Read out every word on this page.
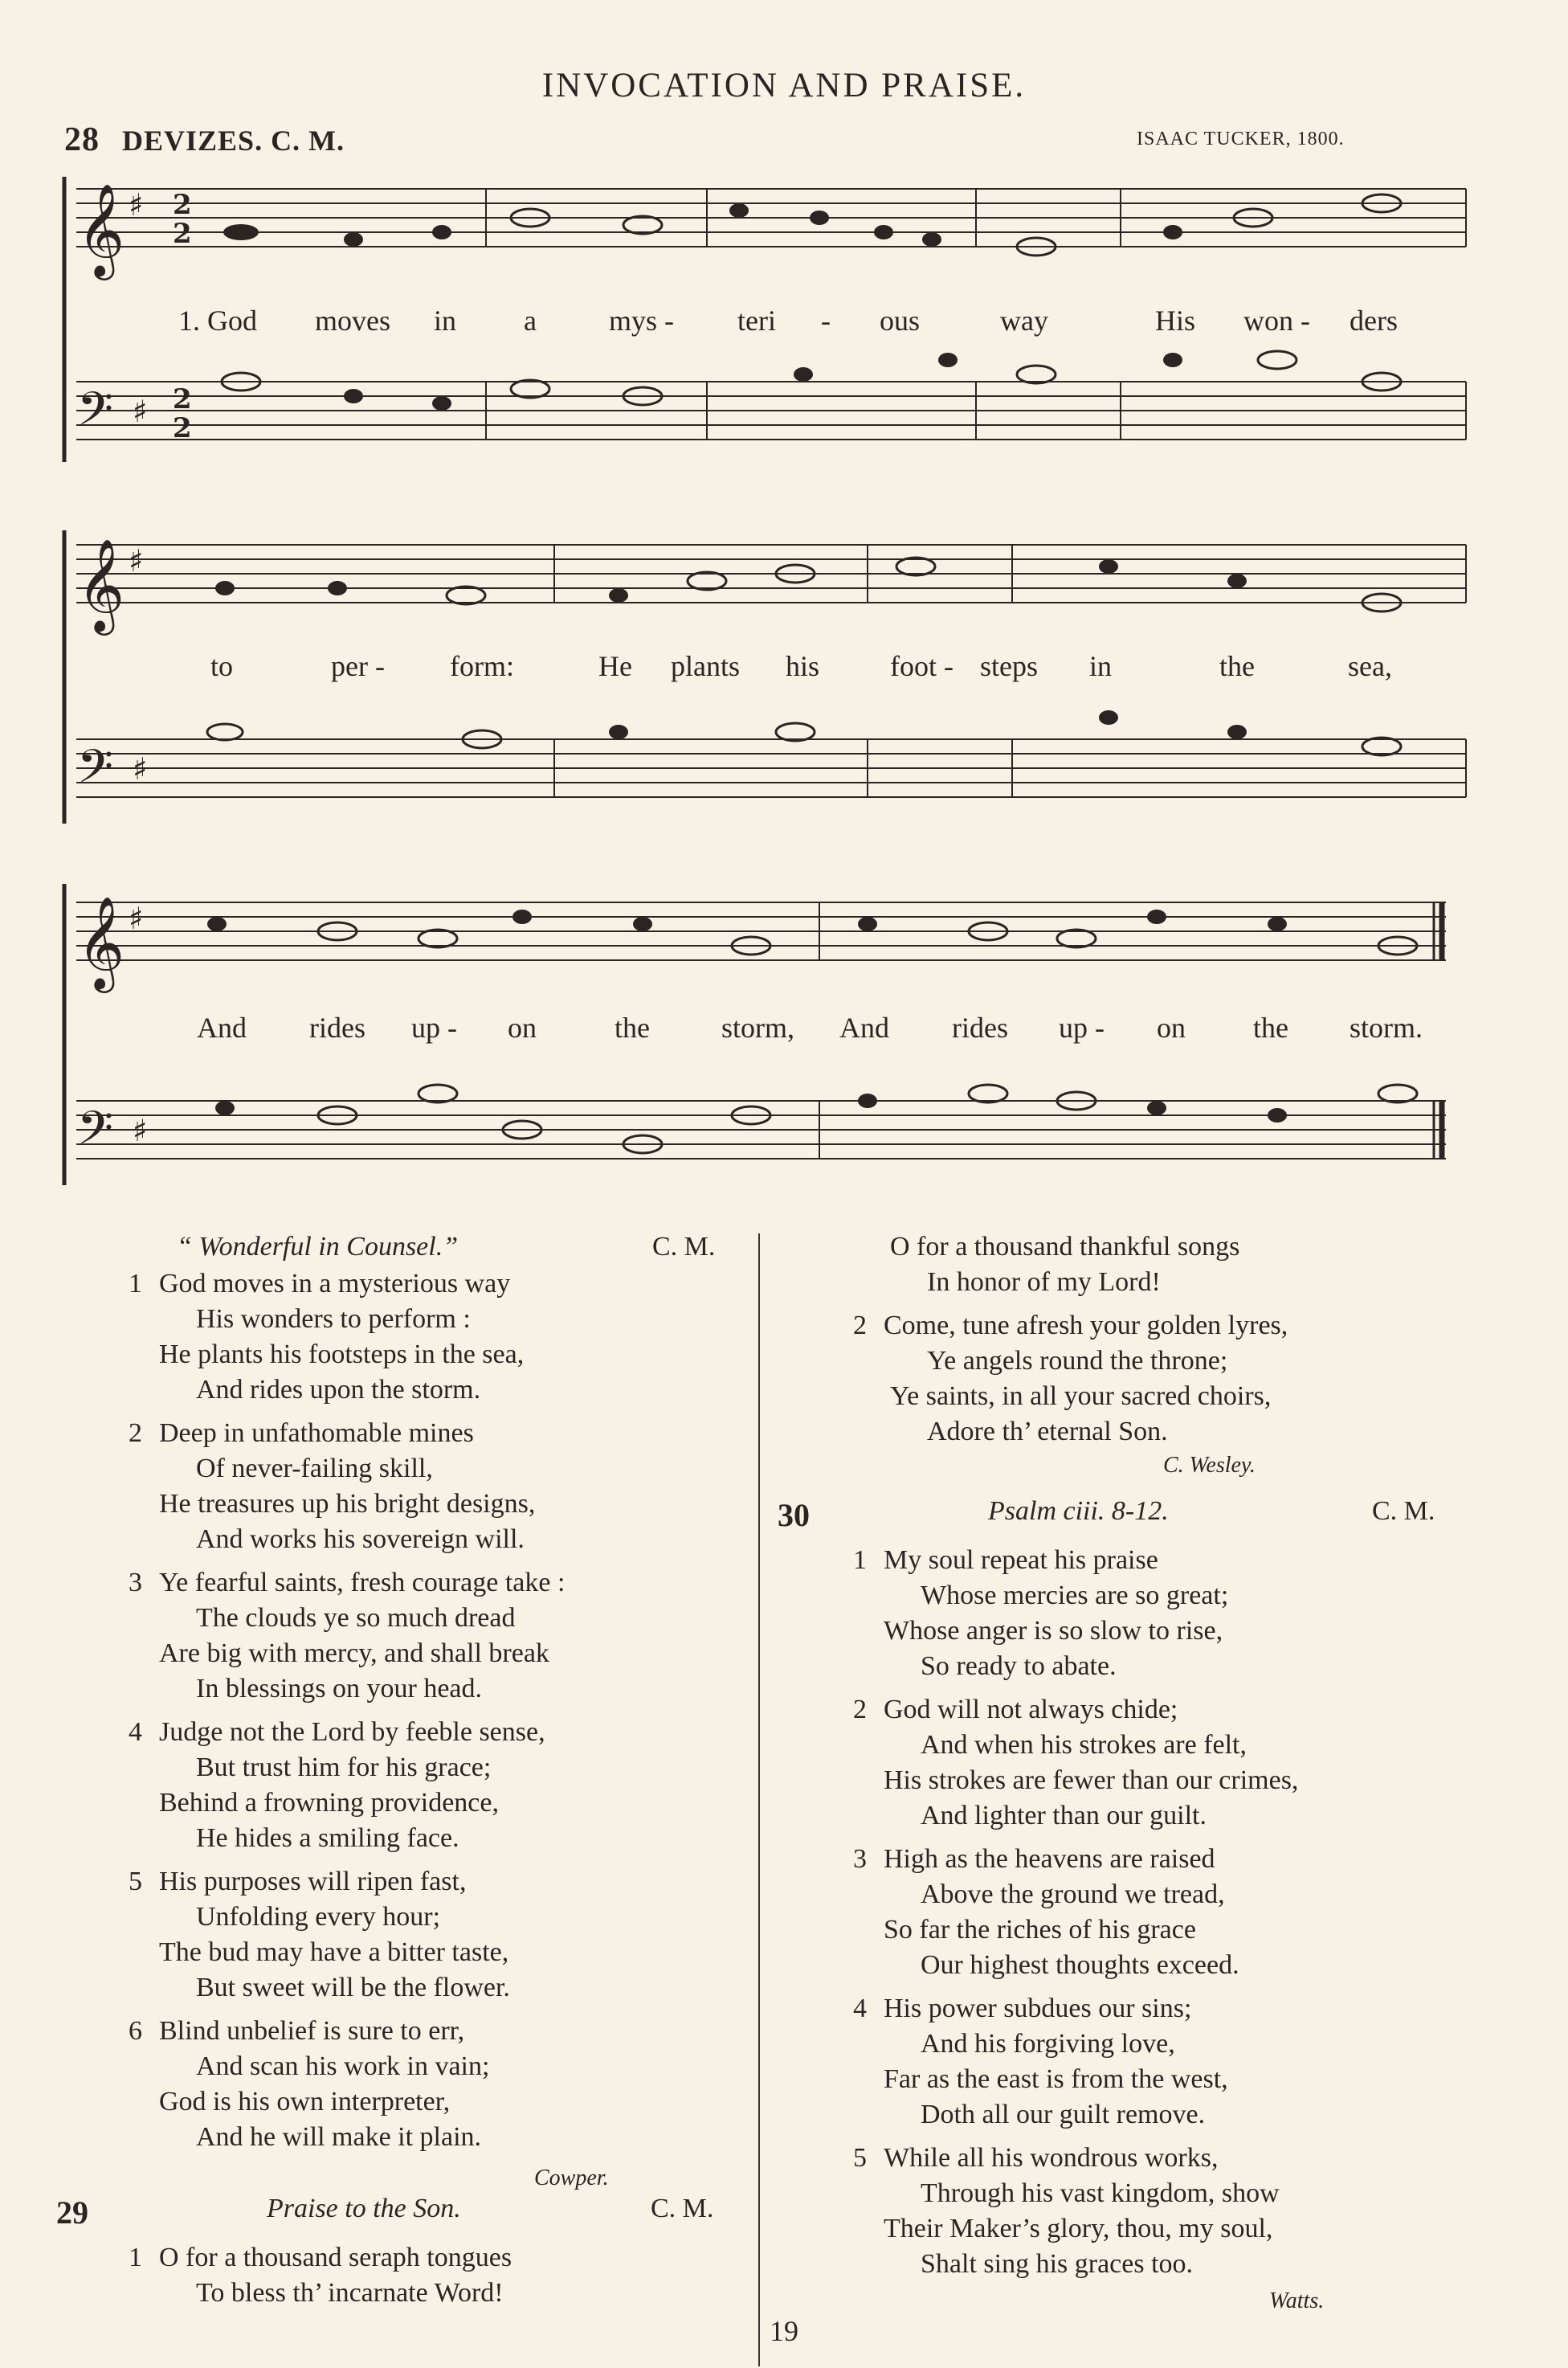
INVOCATION AND PRAISE.
28 DEVIZES. C. M.	ISAAC TUCKER, 1800.
𝄞
𝄢
♯
♯
2
2
2
2
𝄞
𝄢
♯
♯
𝄞
𝄢
♯
♯
1. God moves in a	mys - teri - ous	way	His won - ders
to	per - form:	He plants his foot - steps in	the	sea,
And rides up - on	the storm, And rides up - on the storm.
“ Wonderful in Counsel.”	C. M.
1 God moves in a mysterious way
His wonders to perform :
He plants his footsteps in the sea,
And rides upon the storm.
2 Deep in unfathomable mines
Of never-failing skill,
He treasures up his bright designs,
And works his sovereign will.
3 Ye fearful saints, fresh courage take :
The clouds ye so much dread
Are big with mercy, and shall break
In blessings on your head.
4 Judge not the Lord by feeble sense,
But trust him for his grace;
Behind a frowning providence,
He hides a smiling face.
5 His purposes will ripen fast,
Unfolding every hour;
The bud may have a bitter taste,
But sweet will be the flower.
6 Blind unbelief is sure to err,
And scan his work in vain;
God is his own interpreter,
And he will make it plain.
Cowper.
29	Praise to the Son.	C. M.
1 O for a thousand seraph tongues
To bless th’ incarnate Word!
O for a thousand thankful songs
In honor of my Lord!
2 Come, tune afresh your golden lyres,
Ye angels round the throne;
Ye saints, in all your sacred choirs,
Adore th’ eternal Son.
C. Wesley.
30	Psalm ciii. 8-12.	C. M.
1 My soul repeat his praise
Whose mercies are so great;
Whose anger is so slow to rise,
So ready to abate.
2 God will not always chide;
And when his strokes are felt,
His strokes are fewer than our crimes,
And lighter than our guilt.
3 High as the heavens are raised
Above the ground we tread,
So far the riches of his grace
Our highest thoughts exceed.
4 His power subdues our sins;
And his forgiving love,
Far as the east is from the west,
Doth all our guilt remove.
5 While all his wondrous works,
Through his vast kingdom, show
Their Maker’s glory, thou, my soul,
Shalt sing his graces too.
Watts.
19
